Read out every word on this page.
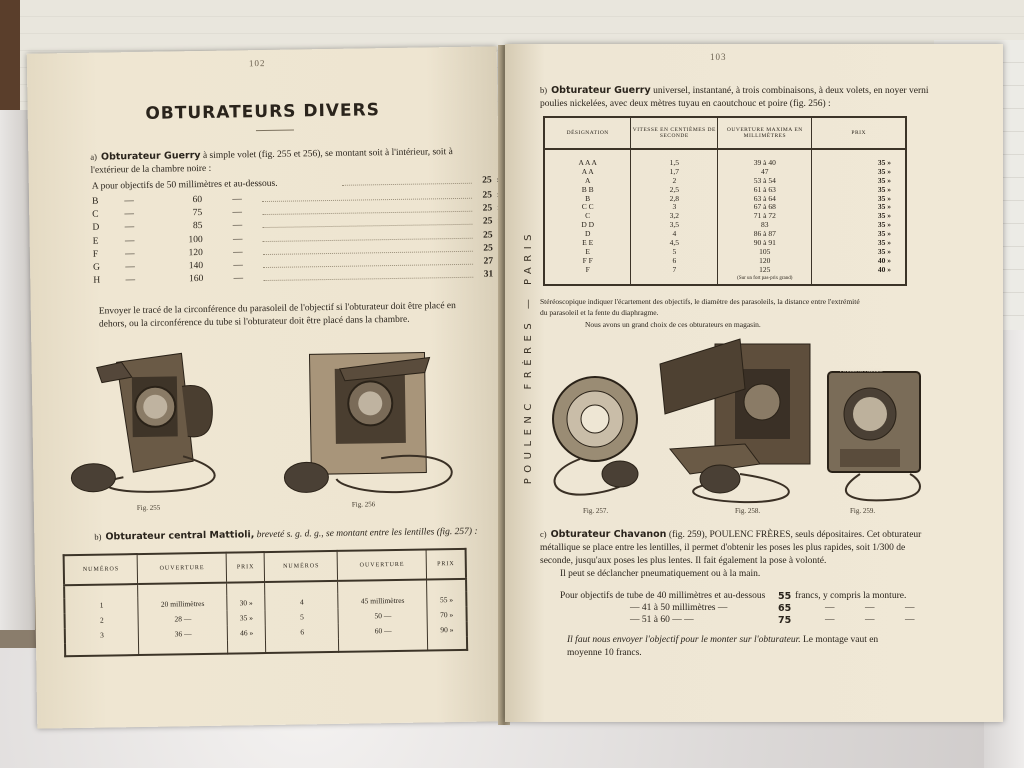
102
OBTURATEURS DIVERS
a) Obturateur Guerry à simple volet (fig. 255 et 256), se montant soit à l'intérieur, soit à
l'extérieur de la chambre noire :
A pour objectifs de 50 millimètres et au-dessous.	25
B	—	60	—	25
C	—	75	—	25
D	—	85	—	25
E	—	100	—	25
F	—	120	—	25
G	—	140	—	27
H	—	160	—	31
Envoyer le tracé de la circonférence du parasoleil de l'objectif si l'obturateur doit être placé en
dehors, ou la circonférence du tube si l'obturateur doit être placé dans la chambre.
Fig. 255	Fig. 256
b) Obturateur central Mattioli, breveté s. g. d. g., se montant entre les lentilles (fig. 257) :
NUMÉROS	OUVERTURE	PRIX	NUMÉROS	OUVERTURE	PRIX

1	20 millimètres	30 »	4	45 millimètres	55 »
2	28 —	35 »	5	50 —	70 »
3	36 —	46 »	6	60 —	90 »

103
POULENC FRÈRES — PARIS
b) Obturateur Guerry universel, instantané, à trois combinaisons, à deux volets, en noyer verni
poulies nickelées, avec deux mètres tuyau en caoutchouc et poire (fig. 256) :
DÉSIGNATION	VITESSE EN CENTIÈMES DE SECONDE	OUVERTURE MAXIMA EN MILLIMÈTRES	PRIX

A A A	1,5	39 à 40	35 »
A A	1,7	47	35 »
A	2	53 à 54	35 »
B B	2,5	61 à 63	35 »
B	2,8	63 à 64	35 »
C C	3	67 à 68	35 »
C	3,2	71 à 72	35 »
D D	3,5	83	35 »
D	4	86 à 87	35 »
E E	4,5	90 à 91	35 »
E	5	105	35 »
F F	6	120	40 »
F	7	125	40 »
		(Sur un fort pas-prix grand)	
Stéréoscopique indiquer l'écartement des objectifs, le diamètre des parasoleils, la distance entre l'extrémité
du parasoleil et la fente du diaphragme.
Nous avons un grand choix de ces obturateurs en magasin.
Fig. 257.	Fig. 258.
POULENC FRÈRES
Fig. 259.
c) Obturateur Chavanon (fig. 259), POULENC FRÈRES, seuls dépositaires. Cet obturateur
métallique se place entre les lentilles, il permet d'obtenir les poses les plus rapides, soit 1/300 de
seconde, jusqu'aux poses les plus lentes. Il fait également la pose à volonté.
Il peut se déclancher pneumatiquement ou à la main.
Pour objectifs de tube de 40 millimètres et au-dessous 55 francs, y compris la monture.
— 41 à 50 millimètres —	65	—	—	—
— 51 à 60 — —	75	—	—	—
Il faut nous envoyer l'objectif pour le monter sur l'obturateur. Le montage vaut en
moyenne 10 francs.
